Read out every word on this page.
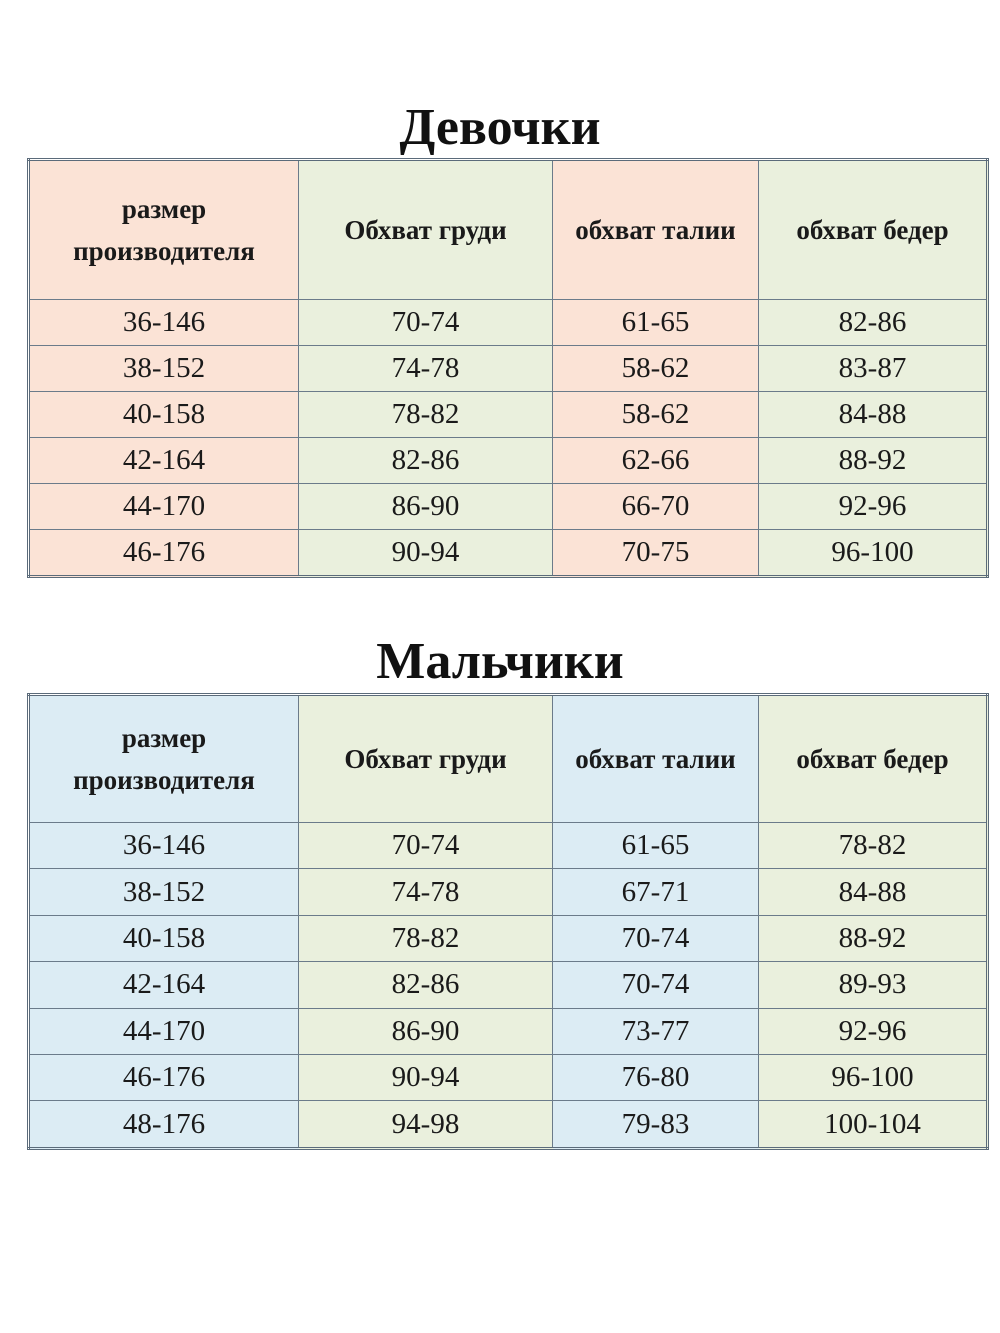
Девочки
размер производителя	Обхват груди	обхват талии	обхват бедер
36-146	70-74	61-65	82-86
38-152	74-78	58-62	83-87
40-158	78-82	58-62	84-88
42-164	82-86	62-66	88-92
44-170	86-90	66-70	92-96
46-176	90-94	70-75	96-100
Мальчики
размер производителя	Обхват груди	обхват талии	обхват бедер
36-146	70-74	61-65	78-82
38-152	74-78	67-71	84-88
40-158	78-82	70-74	88-92
42-164	82-86	70-74	89-93
44-170	86-90	73-77	92-96
46-176	90-94	76-80	96-100
48-176	94-98	79-83	100-104
